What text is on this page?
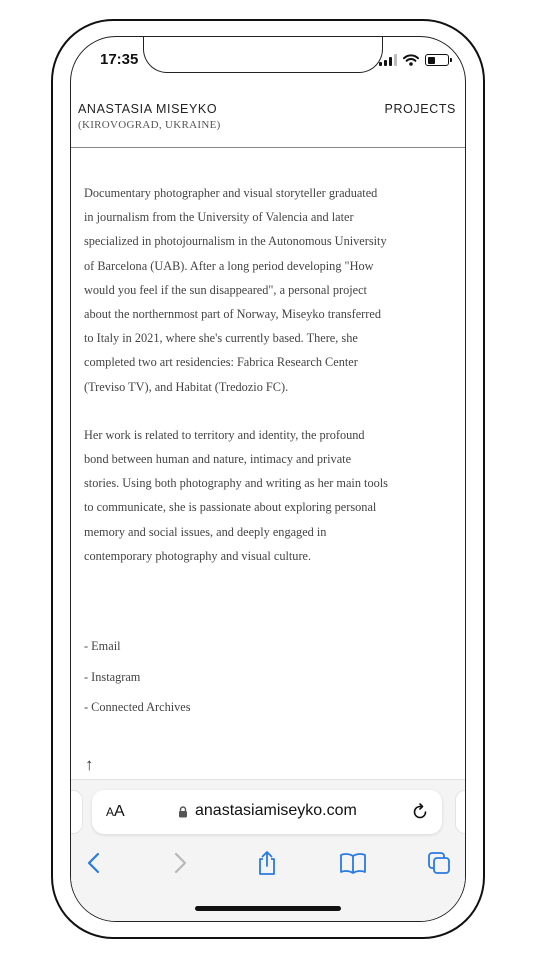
17:35
ANASTASIA MISEYKO
(KIROVOGRAD, UKRAINE)
PROJECTS

Documentary photographer and visual storyteller graduated
in journalism from the University of Valencia and later
specialized in photojournalism in the Autonomous University
of Barcelona (UAB). After a long period developing "How
would you feel if the sun disappeared", a personal project
about the northernmost part of Norway, Miseyko transferred
to Italy in 2021, where she's currently based. There, she
completed two art residencies: Fabrica Research Center
(Treviso TV), and Habitat (Tredozio FC).

Her work is related to territory and identity, the profound
bond between human and nature, intimacy and private
stories. Using both photography and writing as her main tools
to communicate, she is passionate about exploring personal
memory and social issues, and deeply engaged in
contemporary photography and visual culture.

- Email
- Instagram
- Connected Archives
↑
AA	anastasiamiseyko.com
